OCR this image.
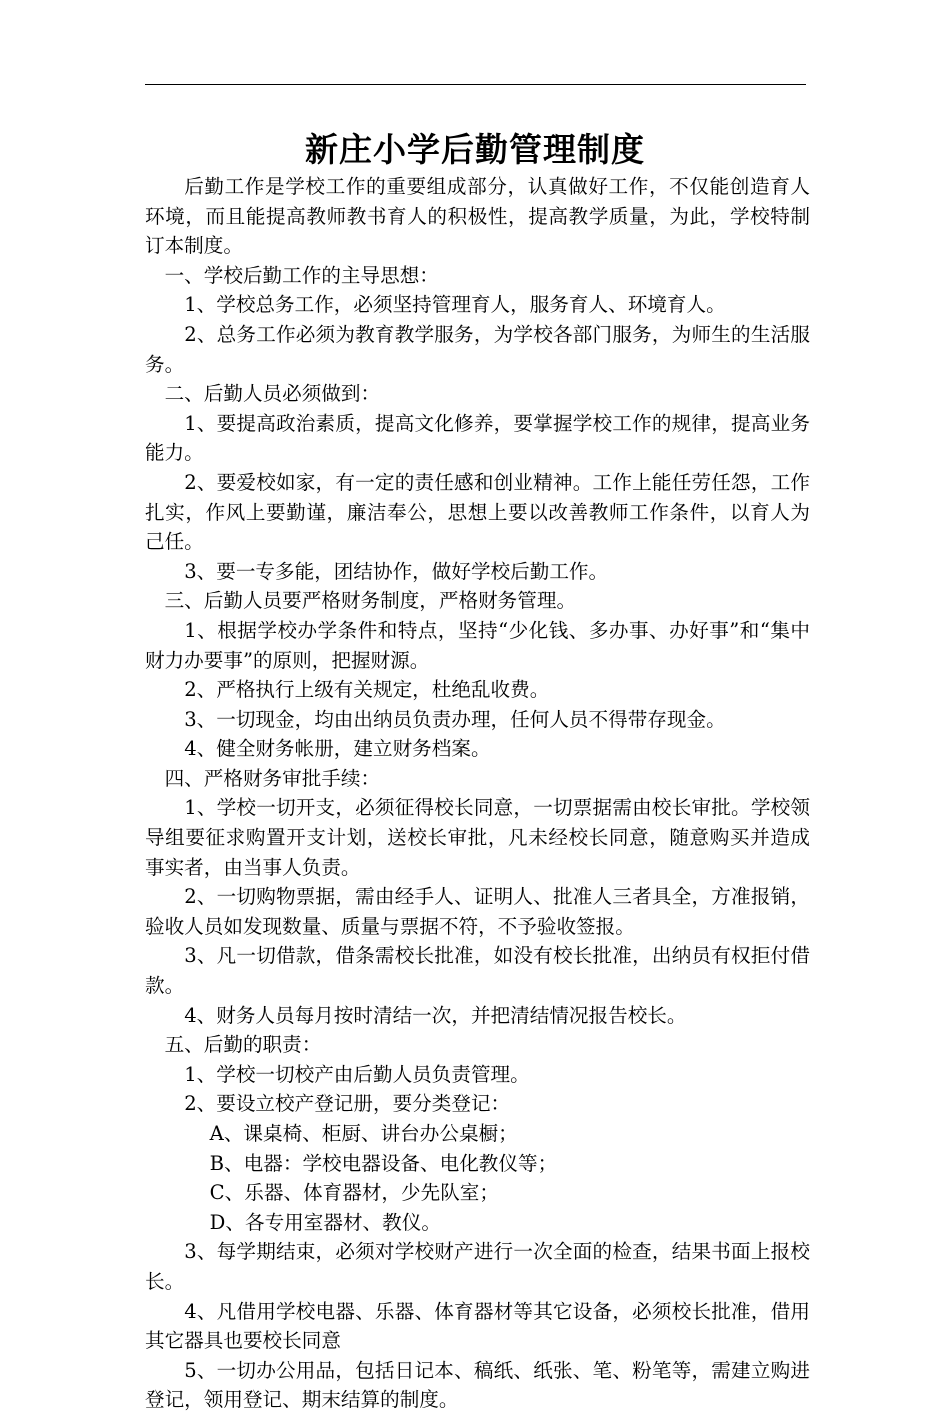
新庄小学后勤管理制度

后勤工作是学校工作的重要组成部分，认真做好工作，不仅能创造育人环境，而且能提高教师教书育人的积极性，提高教学质量，为此，学校特制订本制度。

一、学校后勤工作的主导思想：

1、学校总务工作，必须坚持管理育人，服务育人、环境育人。

2、总务工作必须为教育教学服务，为学校各部门服务，为师生的生活服务。

二、后勤人员必须做到：

1、要提高政治素质，提高文化修养，要掌握学校工作的规律，提高业务能力。

2、要爱校如家，有一定的责任感和创业精神。工作上能任劳任怨，工作扎实，作风上要勤谨，廉洁奉公，思想上要以改善教师工作条件，以育人为己任。

3、要一专多能，团结协作，做好学校后勤工作。

三、后勤人员要严格财务制度，严格财务管理。

1、根据学校办学条件和特点，坚持“少化钱、多办事、办好事”和“集中财力办要事”的原则，把握财源。

2、严格执行上级有关规定，杜绝乱收费。

3、一切现金，均由出纳员负责办理，任何人员不得带存现金。

4、健全财务帐册，建立财务档案。

四、严格财务审批手续：

1、学校一切开支，必须征得校长同意，一切票据需由校长审批。学校领导组要征求购置开支计划，送校长审批，凡未经校长同意，随意购买并造成事实者，由当事人负责。

2、一切购物票据，需由经手人、证明人、批准人三者具全，方准报销，验收人员如发现数量、质量与票据不符，不予验收签报。

3、凡一切借款，借条需校长批准，如没有校长批准，出纳员有权拒付借款。

4、财务人员每月按时清结一次，并把清结情况报告校长。

五、后勤的职责：

1、学校一切校产由后勤人员负责管理。

2、要设立校产登记册，要分类登记：

A、课桌椅、柜厨、讲台办公桌橱；

B、电器：学校电器设备、电化教仪等；

C、乐器、体育器材，少先队室；

D、各专用室器材、教仪。

3、每学期结束，必须对学校财产进行一次全面的检查，结果书面上报校长。

4、凡借用学校电器、乐器、体育器材等其它设备，必须校长批准，借用其它器具也要校长同意

5、一切办公用品，包括日记本、稿纸、纸张、笔、粉笔等，需建立购进登记，领用登记、期末结算的制度。
